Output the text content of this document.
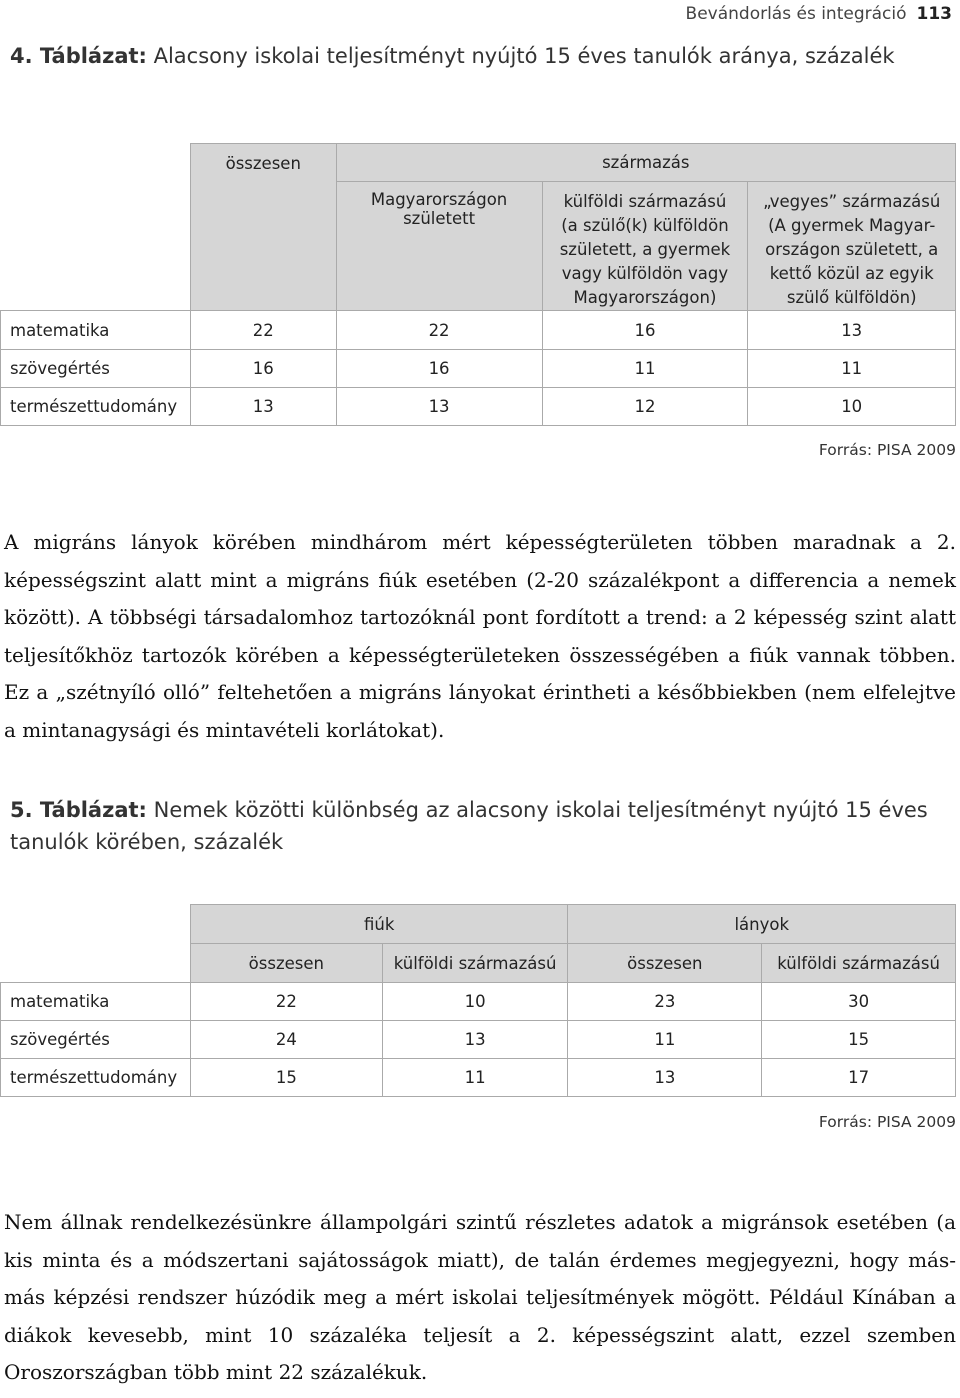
Bevándorlás és integráció 113
4. Táblázat: Alacsony iskolai teljesítményt nyújtó 15 éves tanulók aránya, százalék
	összesen	származás		
		Magyarországon született	külföldi származású (a szülő(k) külföldön született, a gyermek vagy külföldön vagy Magyarországon)	„vegyes” származású (A gyermek Magyar-országon született, a kettő közül az egyik szülő külföldön)
matematika	22	22	16	13
szövegértés	16	16	11	11
természettudomány	13	13	12	10
Forrás: PISA 2009

A migráns lányok körében mindhárom mért képességterületen többen maradnak a 2. képességszint alatt mint a migráns fiúk esetében (2-20 százalékpont a differencia a nemek között). A többségi társadalomhoz tartozóknál pont fordított a trend: a 2 képesség szint alatt teljesítőkhöz tartozók körében a képességterületeken összességében a fiúk vannak többen. Ez a „szétnyíló olló” feltehetően a migráns lányokat érintheti a későbbiekben (nem elfelejtve a mintanagysági és mintavételi korlátokat).

5. Táblázat: Nemek közötti különbség az alacsony iskolai teljesítményt nyújtó 15 éves tanulók körében, százalék
	fiúk		lányok	
	összesen	külföldi származású	összesen	külföldi származású
matematika	22	10	23	30
szövegértés	24	13	11	15
természettudomány	15	11	13	17
Forrás: PISA 2009

Nem állnak rendelkezésünkre állampolgári szintű részletes adatok a migránsok esetében (a kis minta és a módszertani sajátosságok miatt), de talán érdemes megjegyezni, hogy más-más képzési rendszer húzódik meg a mért iskolai teljesítmények mögött. Például Kínában a diákok kevesebb, mint 10 százaléka teljesít a 2. képességszint alatt, ezzel szemben Oroszországban több mint 22 százalékuk.
